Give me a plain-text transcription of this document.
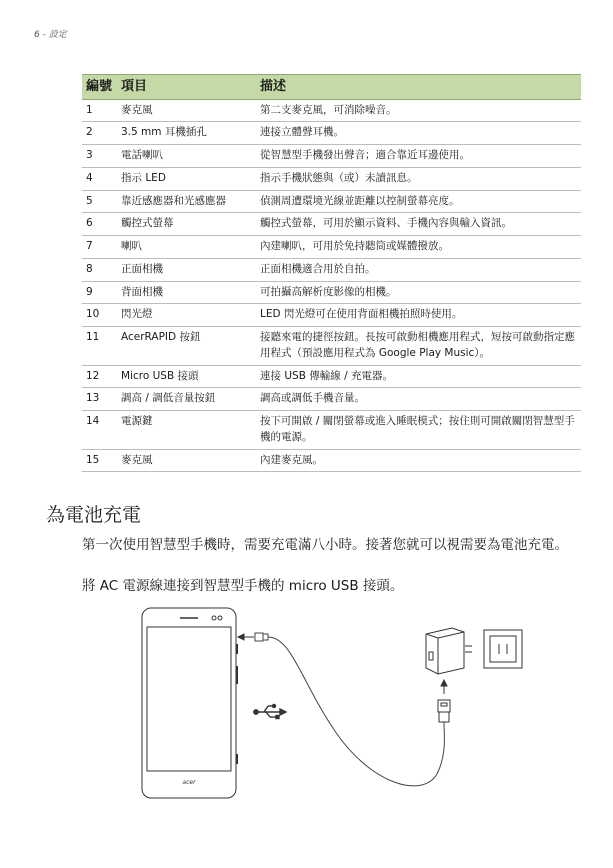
6 - 設定
編號	項目	描述
1	麥克風	第二支麥克風，可消除噪音。
2	3.5 mm 耳機插孔	連接立體聲耳機。
3	電話喇叭	從智慧型手機發出聲音；適合靠近耳邊使用。
4	指示 LED	指示手機狀態與（或）未讀訊息。
5	靠近感應器和光感應器	偵測周遭環境光線並距離以控制螢幕亮度。
6	觸控式螢幕	觸控式螢幕，可用於顯示資料、手機內容與輸入資訊。
7	喇叭	內建喇叭，可用於免持聽筒或媒體撥放。
8	正面相機	正面相機適合用於自拍。
9	背面相機	可拍攝高解析度影像的相機。
10	閃光燈	LED 閃光燈可在使用背面相機拍照時使用。
11	AcerRAPID 按鈕	接聽來電的捷徑按鈕。長按可啟動相機應用程式，短按可啟動指定應用程式（預設應用程式為 Google Play Music）。
12	Micro USB 接頭	連接 USB 傳輸線 / 充電器。
13	調高 / 調低音量按鈕	調高或調低手機音量。
14	電源鍵	按下可開啟 / 關閉螢幕或進入睡眠模式；按住則可開啟關閉智慧型手機的電源。
15	麥克風	內建麥克風。
為電池充電

第一次使用智慧型手機時，需要充電滿八小時。接著您就可以視需要為電池充電。

將 AC 電源線連接到智慧型手機的 micro USB 接頭。

acer
